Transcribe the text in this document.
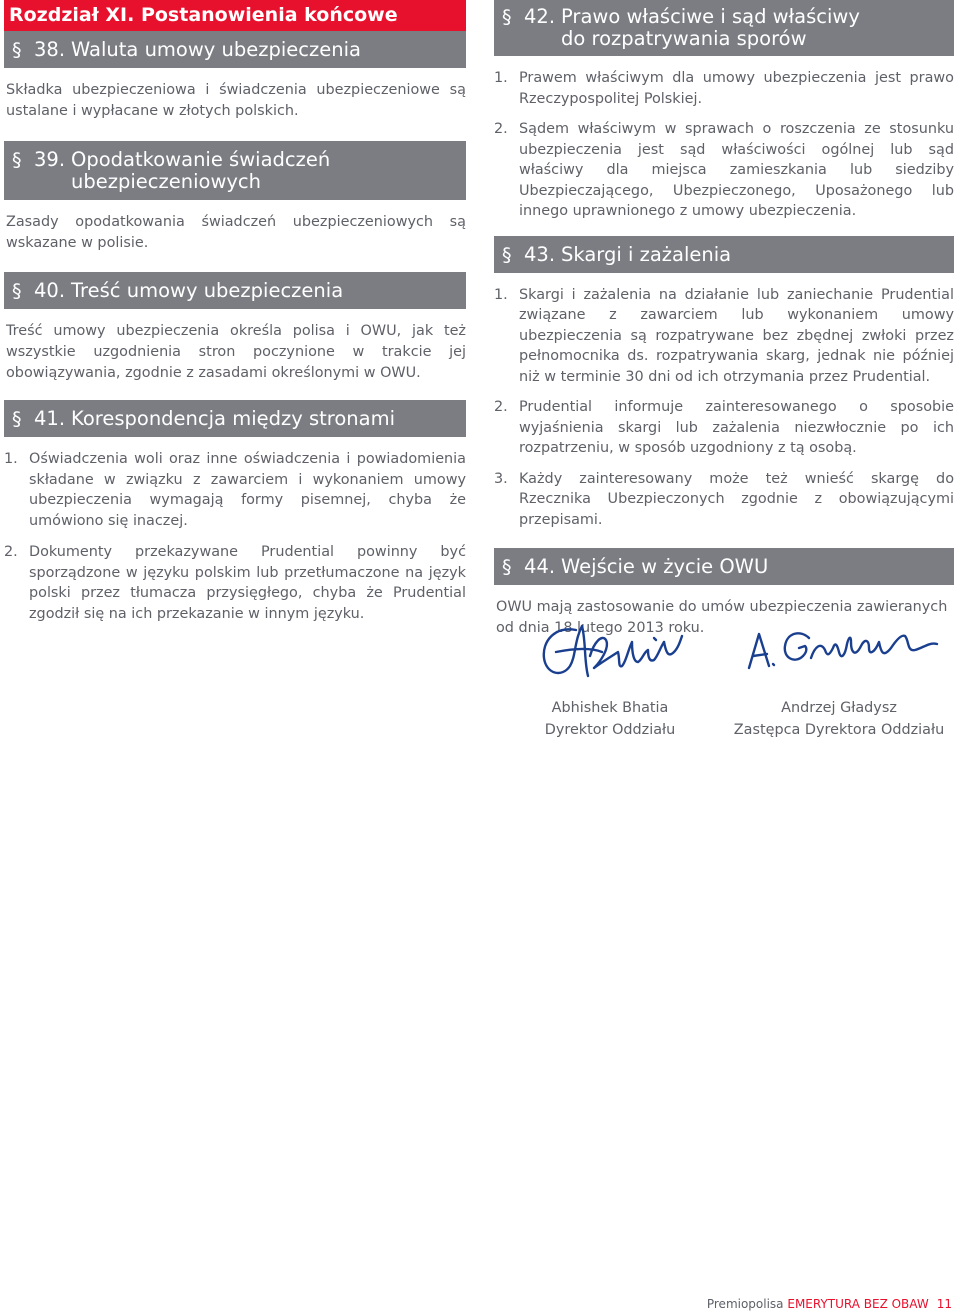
Rozdział XI. Postanowienia końcowe
§ 38. Waluta umowy ubezpieczenia

Składka ubezpieczeniowa i świadczenia ubezpieczeniowe są ustalane i wypłacane w złotych polskich.

§ 39. Opodatkowanie świadczeń ubezpieczeniowych

Zasady opodatkowania świadczeń ubezpieczeniowych są wskazane w polisie.

§ 40. Treść umowy ubezpieczenia

Treść umowy ubezpieczenia określa polisa i OWU, jak też wszystkie uzgodnienia stron poczynione w trakcie jej obowiązywania, zgodnie z zasadami określonymi w OWU.

§ 41. Korespondencja między stronami
1. Oświadczenia woli oraz inne oświadczenia i powiadomienia składane w związku z zawarciem i wykonaniem umowy ubezpieczenia wymagają formy pisemnej, chyba że umówiono się inaczej.
2. Dokumenty przekazywane Prudential powinny być sporządzone w języku polskim lub przetłumaczone na język polski przez tłumacza przysięgłego, chyba że Prudential zgodził się na ich przekazanie w innym języku.
§ 42. Prawo właściwe i sąd właściwy do rozpatrywania sporów
1. Prawem właściwym dla umowy ubezpieczenia jest prawo Rzeczypospolitej Polskiej.
2. Sądem właściwym w sprawach o roszczenia ze stosunku ubezpieczenia jest sąd właściwości ogólnej lub sąd właściwy dla miejsca zamieszkania lub siedziby Ubezpieczającego, Ubezpieczonego, Uposażonego lub innego uprawnionego z umowy ubezpieczenia.
§ 43. Skargi i zażalenia
1. Skargi i zażalenia na działanie lub zaniechanie Prudential związane z zawarciem lub wykonaniem umowy ubezpieczenia są rozpatrywane bez zbędnej zwłoki przez pełnomocnika ds. rozpatrywania skarg, jednak nie później niż w terminie 30 dni od ich otrzymania przez Prudential.
2. Prudential informuje zainteresowanego o sposobie wyjaśnienia skargi lub zażalenia niezwłocznie po ich rozpatrzeniu, w sposób uzgodniony z tą osobą.
3. Każdy zainteresowany może też wnieść skargę do Rzecznika Ubezpieczonych zgodnie z obowiązującymi przepisami.
§ 44. Wejście w życie OWU

OWU mają zastosowanie do umów ubezpieczenia zawieranych od dnia 18 lutego 2013 roku.

Abhishek Bhatia
Dyrektor Oddziału
Andrzej Gładysz
Zastępca Dyrektora Oddziału
Premiopolisa EMERYTURA BEZ OBAW 11
